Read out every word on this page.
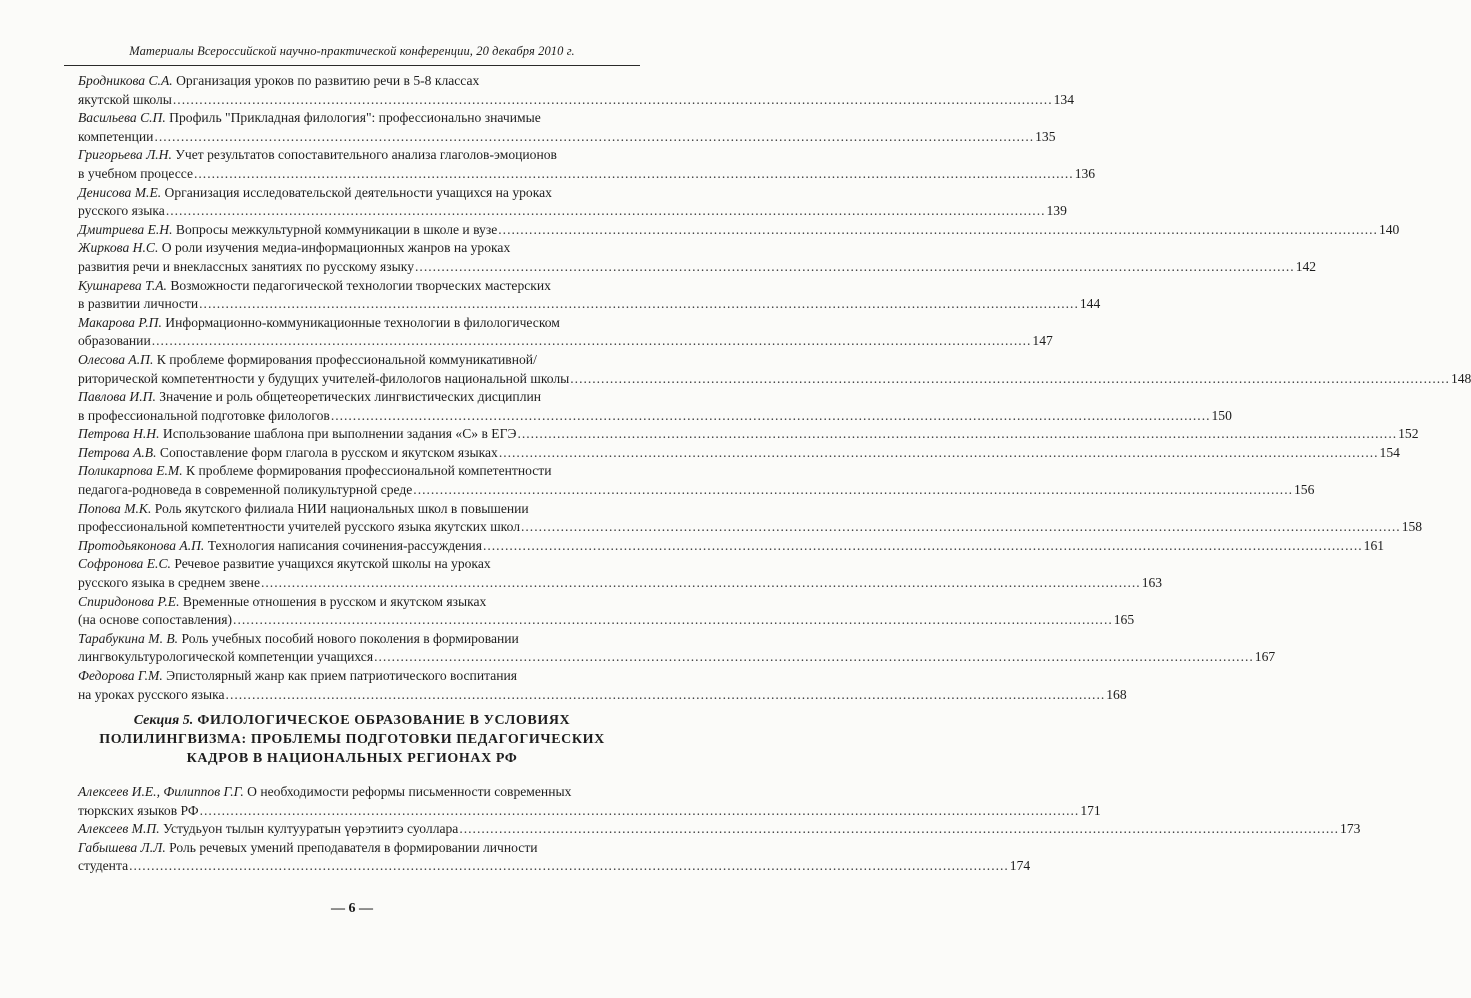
Материалы Всероссийской научно-практической конференции, 20 декабря 2010 г.
Бродникова С.А. Организация уроков по развитию речи в 5-8 классах
якутской школы ........................................................................................................................................................................................................ 134
Васильева С.П. Профиль "Прикладная филология": профессионально значимые
компетенции ........................................................................................................................................................................................................ 135
Григорьева Л.Н. Учет результатов сопоставительного анализа глаголов-эмоционов
в учебном процессе ........................................................................................................................................................................................................ 136
Денисова М.Е. Организация исследовательской деятельности учащихся на уроках
русского языка ........................................................................................................................................................................................................ 139
Дмитриева Е.Н. Вопросы межкультурной коммуникации в школе и вузе ........................................................................................................................................................................................................ 140
Жиркова Н.С. О роли изучения медиа-информационных жанров на уроках
развития речи и внеклассных занятиях по русскому языку ........................................................................................................................................................................................................ 142
Кушнарева Т.А. Возможности педагогической технологии творческих мастерских
в развитии личности ........................................................................................................................................................................................................ 144
Макарова Р.П. Информационно-коммуникационные технологии в филологическом
образовании ........................................................................................................................................................................................................ 147
Олесова А.П. К проблеме формирования профессиональной коммуникативной/
риторической компетентности у будущих учителей-филологов национальной школы ........................................................................................................................................................................................................ 148
Павлова И.П. Значение и роль общетеоретических лингвистических дисциплин
в профессиональной подготовке филологов ........................................................................................................................................................................................................ 150
Петрова Н.Н. Использование шаблона при выполнении задания «С» в ЕГЭ ........................................................................................................................................................................................................ 152
Петрова А.В. Сопоставление форм глагола в русском и якутском языках ........................................................................................................................................................................................................ 154
Поликарпова Е.М. К проблеме формирования профессиональной компетентности
педагога-родноведа в современной поликультурной среде ........................................................................................................................................................................................................ 156
Попова М.К. Роль якутского филиала НИИ национальных школ в повышении
профессиональной компетентности учителей русского языка якутских школ ........................................................................................................................................................................................................ 158
Протодьяконова А.П. Технология написания сочинения-рассуждения ........................................................................................................................................................................................................ 161
Софронова Е.С. Речевое развитие учащихся якутской школы на уроках
русского языка в среднем звене ........................................................................................................................................................................................................ 163
Спиридонова Р.Е. Временные отношения в русском и якутском языках
(на основе сопоставления) ........................................................................................................................................................................................................ 165
Тарабукина М. В. Роль учебных пособий нового поколения в формировании
лингвокультурологической компетенции учащихся ........................................................................................................................................................................................................ 167
Федорова Г.М. Эпистолярный жанр как прием патриотического воспитания
на уроках русского языка ........................................................................................................................................................................................................ 168
Секция 5. ФИЛОЛОГИЧЕСКОЕ ОБРАЗОВАНИЕ В УСЛОВИЯХ
ПОЛИЛИНГВИЗМА: ПРОБЛЕМЫ ПОДГОТОВКИ ПЕДАГОГИЧЕСКИХ
КАДРОВ В НАЦИОНАЛЬНЫХ РЕГИОНАХ РФ
Алексеев И.Е., Филиппов Г.Г. О необходимости реформы письменности современных
тюркских языков РФ ........................................................................................................................................................................................................ 171
Алексеев М.П. Устудьуон тылын култууратын үөрэтиитэ суоллара ........................................................................................................................................................................................................ 173
Габышева Л.Л. Роль речевых умений преподавателя в формировании личности
студента ........................................................................................................................................................................................................ 174
— 6 —
